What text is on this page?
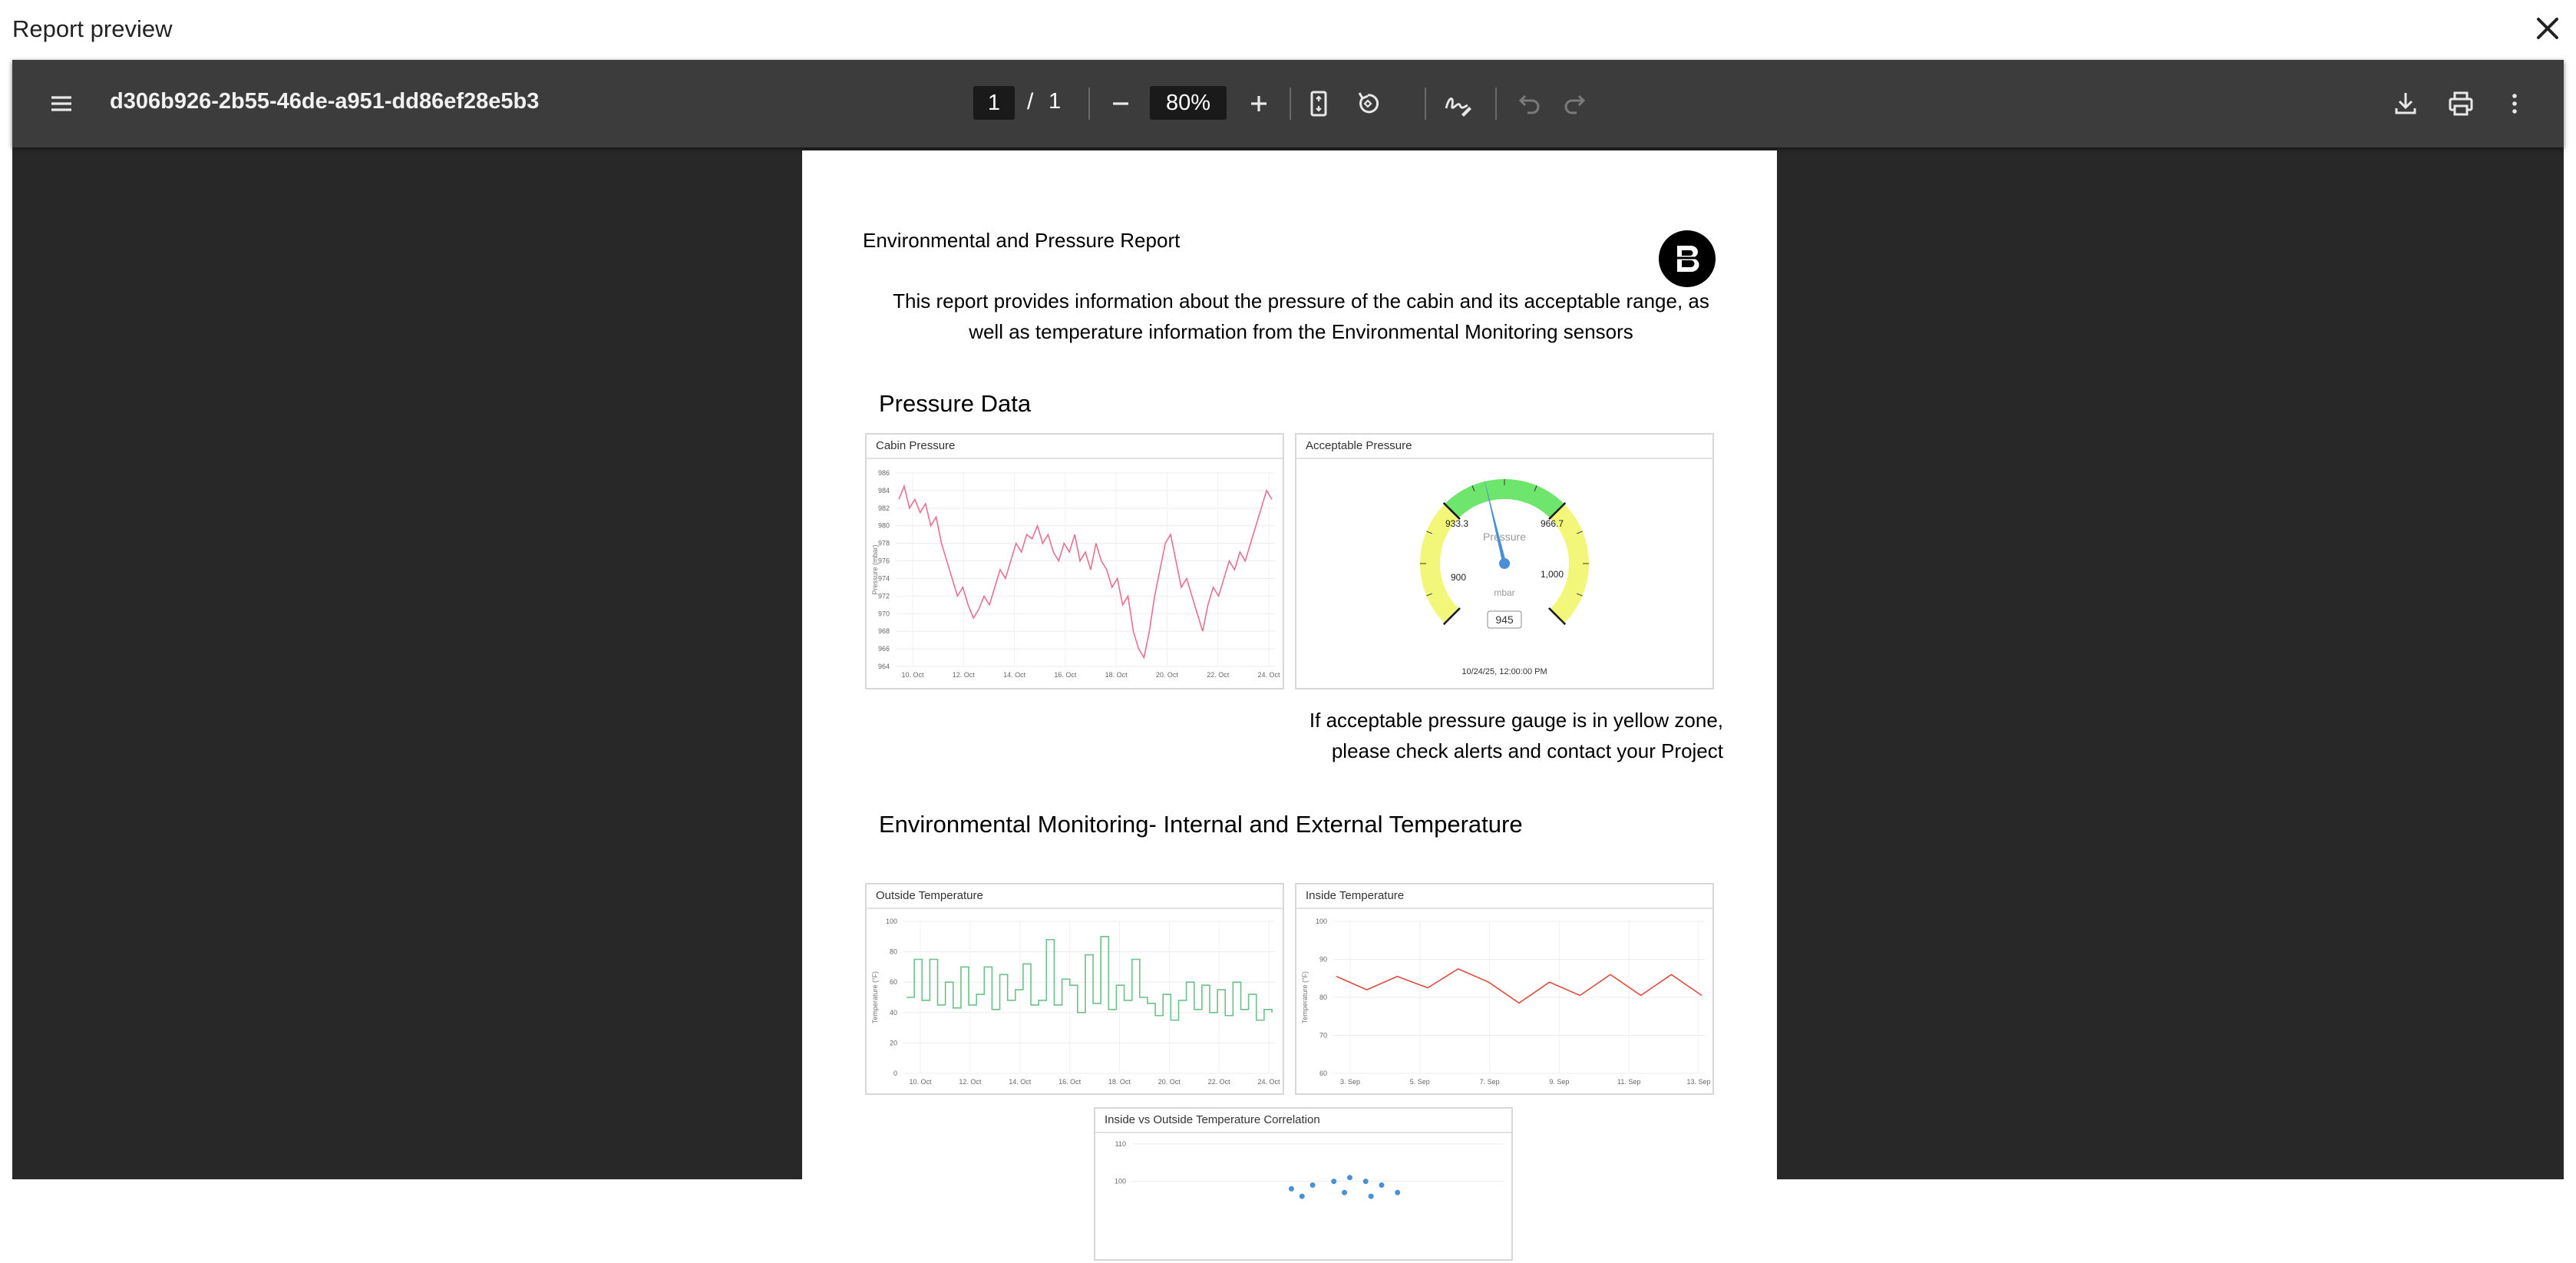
Report preview
d306b926-2b55-46de-a951-dd86ef28e5b3	1	/ 1	80%
Environmental and Pressure Report
This report provides information about the pressure of the cabin and its acceptable range, as
well as temperature information from the Environmental Monitoring sensors
Pressure Data
Cabin Pressure
964
966
968
970
972
974
976
978
980
982
984
986
10. Oct	12. Oct	14. Oct	16. Oct	18. Oct	20. Oct	22. Oct	24. Oct
Pressure (mbar)
Acceptable Pressure
900
933.3	966.7
1,000
Pressure
mbar
945
10/24/25, 12:00:00 PM
If acceptable pressure gauge is in yellow zone,
please check alerts and contact your Project
Environmental Monitoring- Internal and External Temperature
Outside Temperature
0
20
40
60
80
100
10. Oct	12. Oct	14. Oct	16. Oct	18. Oct	20. Oct	22. Oct	24. Oct
Temperature (°F)
Inside Temperature
60
70
80
90
100
3. Sep	5. Sep	7. Sep	9. Sep	11. Sep	13. Sep
Temperature (°F)
Inside vs Outside Temperature Correlation
110
100
